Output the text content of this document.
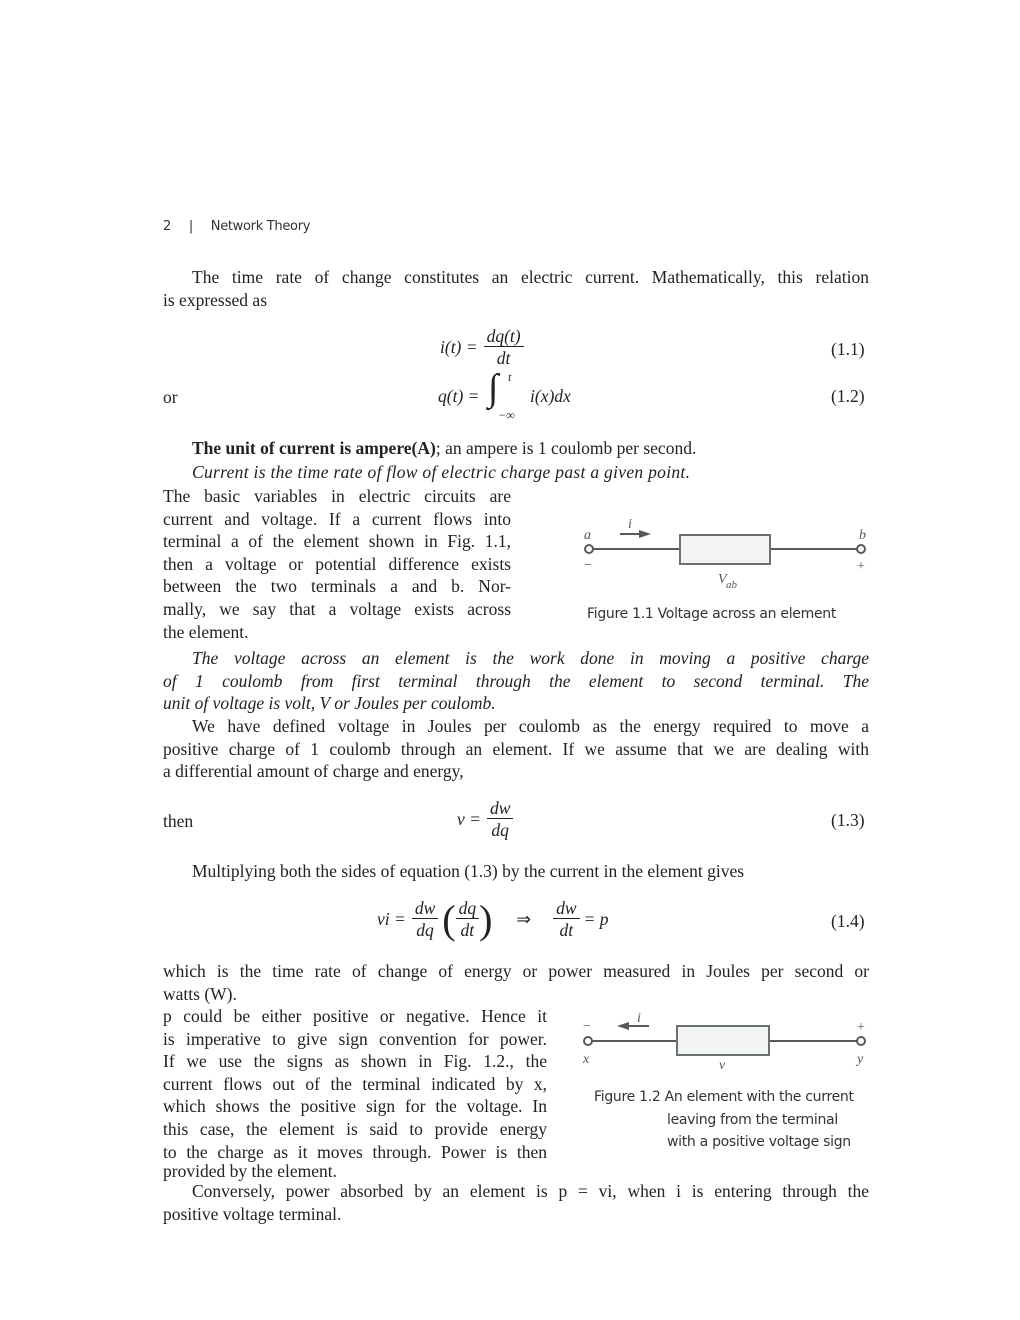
2 | Network Theory
The time rate of change constitutes an electric current. Mathematically, this relation
is expressed as
$i(t) = \frac{dq(t)}{dt}$	(1.1)
or	q(t) = ∫ t
−∞
i(x)dx	(1.2)
The unit of current is ampere(A); an ampere is 1 coulomb per second.
Current is the time rate of flow of electric charge past a given point.
The basic variables in electric circuits are
current and voltage. If a current flows into
terminal a of the element shown in Fig. 1.1,
then a voltage or potential difference exists
between the two terminals a and b. Nor-
mally, we say that a voltage exists across
the element.
i
a	b
−	+
V ab
Figure 1.1 Voltage across an element
The voltage across an element is the work done in moving a positive charge
of 1 coulomb from first terminal through the element to second terminal. The
unit of voltage is volt, V or Joules per coulomb.
We have defined voltage in Joules per coulomb as the energy required to move a
positive charge of 1 coulomb through an element. If we assume that we are dealing with
a differential amount of charge and energy,
then	$v = \frac{dw}{dq}$	(1.3)
Multiplying both the sides of equation (1.3) by the current in the element gives
vi = $\frac{dw}{dq}$ ( $\frac{dq}{dt}$ ) ⇒ $\frac{dw}{dt} = p$	(1.4)
which is the time rate of change of energy or power measured in Joules per second or
watts (W).
p could be either positive or negative. Hence it
is imperative to give sign convention for power.
If we use the signs as shown in Fig. 1.2., the
current flows out of the terminal indicated by x,
which shows the positive sign for the voltage. In
this case, the element is said to provide energy
to the charge as it moves through. Power is then
provided by the element.
i
−	+
x	y
v
Figure 1.2 An element with the current
leaving from the terminal
with a positive voltage sign
Conversely, power absorbed by an element is p = vi, when i is entering through the
positive voltage terminal.
